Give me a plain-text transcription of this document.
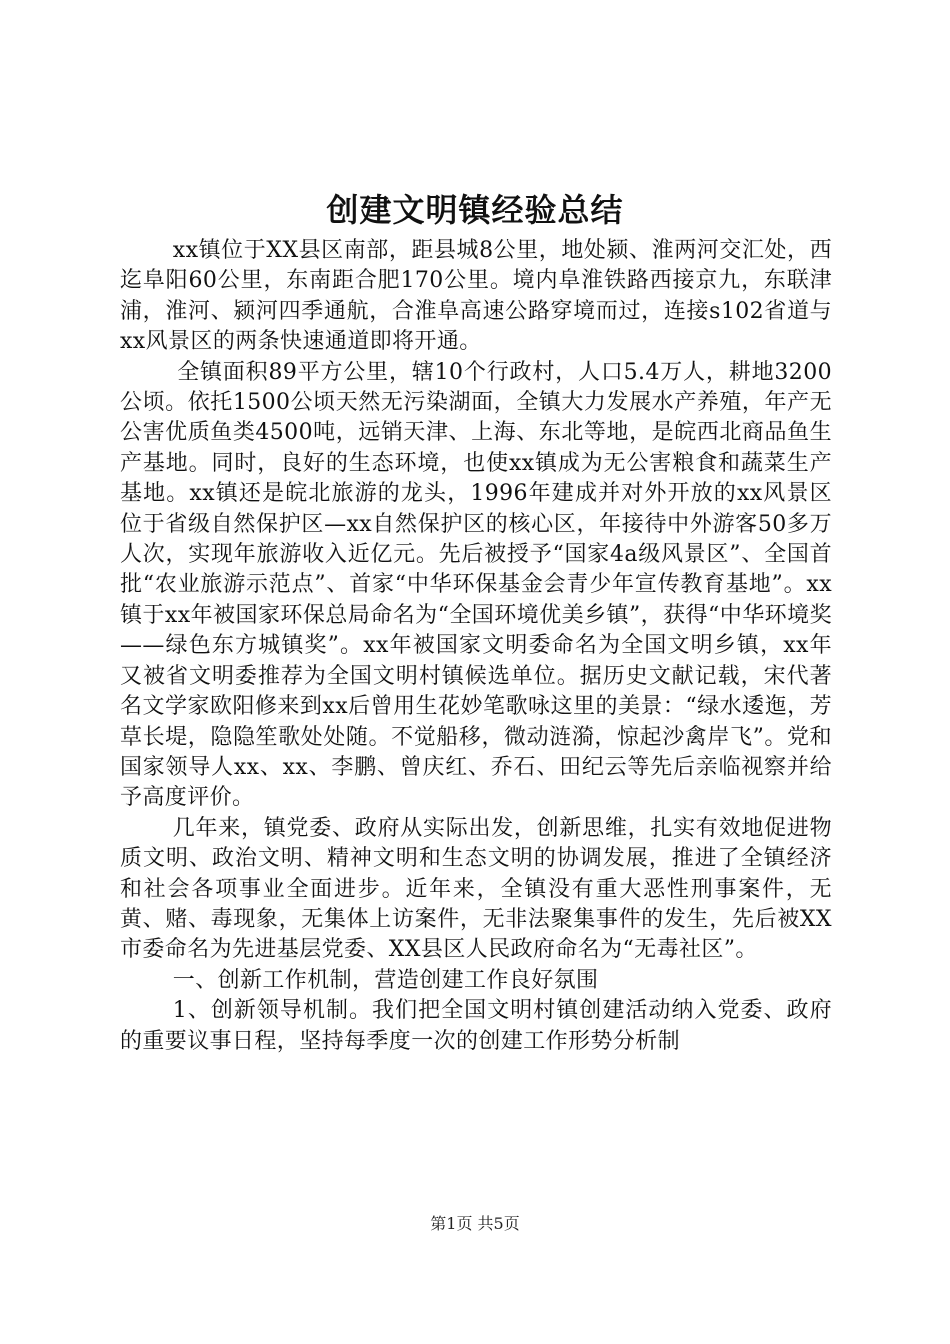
创建文明镇经验总结

xx镇位于XX县区南部，距县城8公里，地处颍、淮两河交汇处，西迄阜阳60公里，东南距合肥170公里。境内阜淮铁路西接京九，东联津浦，淮河、颍河四季通航，合淮阜高速公路穿境而过，连接s102省道与xx风景区的两条快速通道即将开通。

全镇面积89平方公里，辖10个行政村，人口5.4万人，耕地3200公顷。依托1500公顷天然无污染湖面，全镇大力发展水产养殖，年产无公害优质鱼类4500吨，远销天津、上海、东北等地，是皖西北商品鱼生产基地。同时，良好的生态环境，也使xx镇成为无公害粮食和蔬菜生产基地。xx镇还是皖北旅游的龙头，1996年建成并对外开放的xx风景区位于省级自然保护区—xx自然保护区的核心区，年接待中外游客50多万人次，实现年旅游收入近亿元。先后被授予“国家4a级风景区”、全国首批“农业旅游示范点”、首家“中华环保基金会青少年宣传教育基地”。xx镇于xx年被国家环保总局命名为“全国环境优美乡镇”，获得“中华环境奖——绿色东方城镇奖”。xx年被国家文明委命名为全国文明乡镇，xx年又被省文明委推荐为全国文明村镇候选单位。据历史文献记载，宋代著名文学家欧阳修来到xx后曾用生花妙笔歌咏这里的美景：“绿水逶迤，芳草长堤，隐隐笙歌处处随。不觉船移，微动涟漪，惊起沙禽岸飞”。党和国家领导人xx、xx、李鹏、曾庆红、乔石、田纪云等先后亲临视察并给予高度评价。

几年来，镇党委、政府从实际出发，创新思维，扎实有效地促进物质文明、政治文明、精神文明和生态文明的协调发展，推进了全镇经济和社会各项事业全面进步。近年来，全镇没有重大恶性刑事案件，无黄、赌、毒现象，无集体上访案件，无非法聚集事件的发生，先后被XX市委命名为先进基层党委、XX县区人民政府命名为“无毒社区”。

一、创新工作机制，营造创建工作良好氛围

1、创新领导机制。我们把全国文明村镇创建活动纳入党委、政府的重要议事日程，坚持每季度一次的创建工作形势分析制

第1页 共5页
